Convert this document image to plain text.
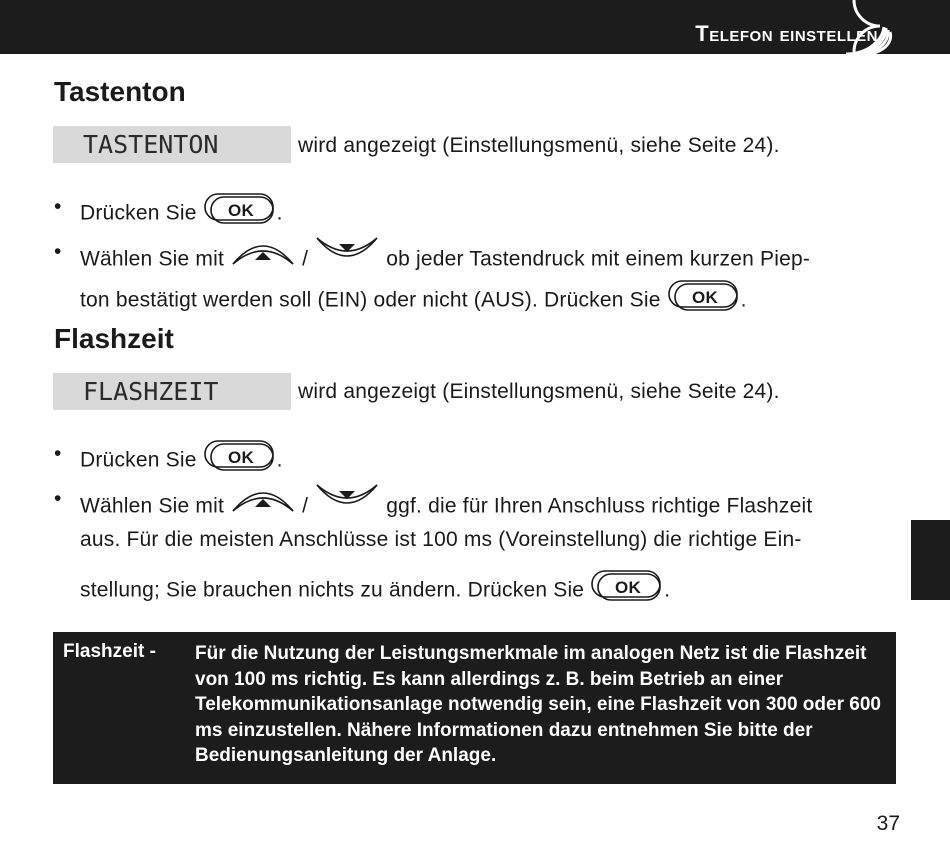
Telefon einstellen
Tastenton
TASTENTON	wird angezeigt (Einstellungsmenü, siehe Seite 24).
• Drücken Sie OK .
• Wählen Sie mit	/	ob jeder Tastendruck mit einem kurzen Piep-
ton bestätigt werden soll (EIN) oder nicht (AUS). Drücken Sie OK .
Flashzeit
FLASHZEIT	wird angezeigt (Einstellungsmenü, siehe Seite 24).
• Drücken Sie OK .
• Wählen Sie mit	/	ggf. die für Ihren Anschluss richtige Flashzeit
aus. Für die meisten Anschlüsse ist 100 ms (Voreinstellung) die richtige Ein-
stellung; Sie brauchen nichts zu ändern. Drücken Sie OK .
Flashzeit - Für die Nutzung der Leistungsmerkmale im analogen Netz ist die Flashzeit von 100 ms richtig. Es kann allerdings z. B. beim Betrieb an einer Telekommunikationsanlage notwendig sein, eine Flashzeit von 300 oder 600 ms einzustellen. Nähere Informationen dazu entnehmen Sie bitte der Bedienungsanleitung der Anlage.
37
